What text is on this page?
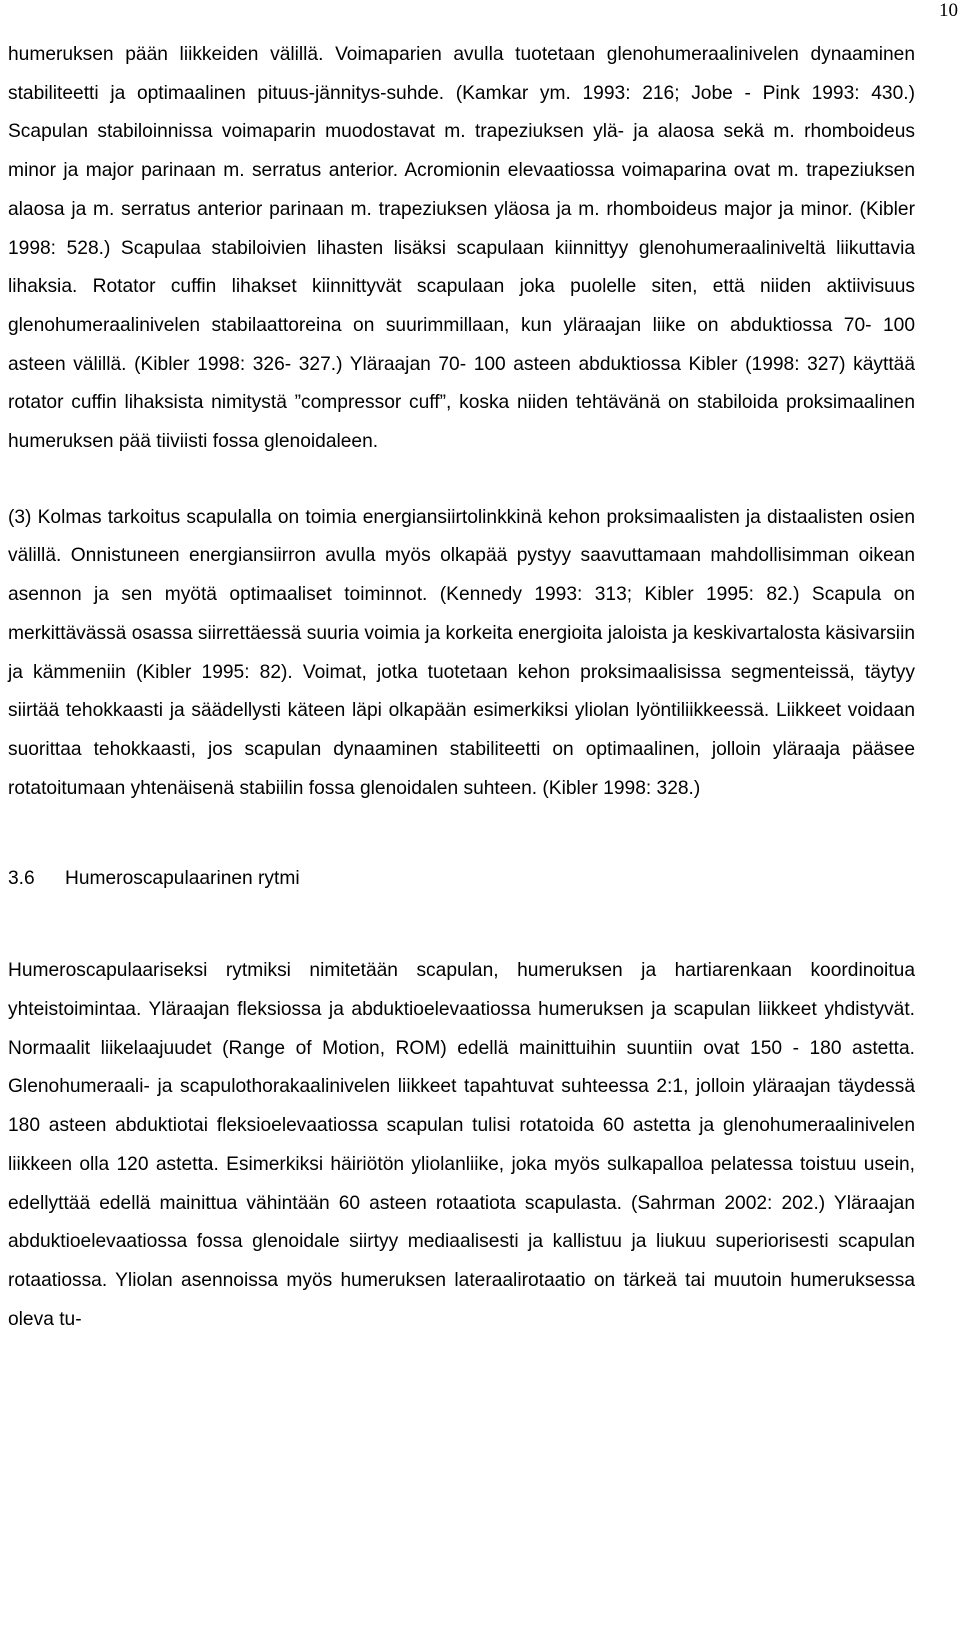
10

humeruksen pään liikkeiden välillä. Voimaparien avulla tuotetaan glenohumeraalinivelen dynaaminen stabiliteetti ja optimaalinen pituus-jännitys-suhde. (Kamkar ym. 1993: 216; Jobe - Pink 1993: 430.) Scapulan stabiloinnissa voimaparin muodostavat m. trapeziuksen ylä- ja alaosa sekä m. rhomboideus minor ja major parinaan m. serratus anterior. Acromionin elevaatiossa voimaparina ovat m. trapeziuksen alaosa ja m. serratus anterior parinaan m. trapeziuksen yläosa ja m. rhomboideus major ja minor. (Kibler 1998: 528.) Scapulaa stabiloivien lihasten lisäksi scapulaan kiinnittyy glenohumeraaliniveltä liikuttavia lihaksia. Rotator cuffin lihakset kiinnittyvät scapulaan joka puolelle siten, että niiden aktiivisuus glenohumeraalinivelen stabilaattoreina on suurimmillaan, kun yläraajan liike on abduktiossa 70- 100 asteen välillä. (Kibler 1998: 326- 327.) Yläraajan 70- 100 asteen abduktiossa Kibler (1998: 327) käyttää rotator cuffin lihaksista nimitystä ”compressor cuff”, koska niiden tehtävänä on stabiloida proksimaalinen humeruksen pää tiiviisti fossa glenoidaleen.

(3) Kolmas tarkoitus scapulalla on toimia energiansiirtolinkkinä kehon proksimaalisten ja distaalisten osien välillä. Onnistuneen energiansiirron avulla myös olkapää pystyy saavuttamaan mahdollisimman oikean asennon ja sen myötä optimaaliset toiminnot. (Kennedy 1993: 313; Kibler 1995: 82.) Scapula on merkittävässä osassa siirrettäessä suuria voimia ja korkeita energioita jaloista ja keskivartalosta käsivarsiin ja kämmeniin (Kibler 1995: 82). Voimat, jotka tuotetaan kehon proksimaalisissa segmenteissä, täytyy siirtää tehokkaasti ja säädellysti käteen läpi olkapään esimerkiksi yliolan lyöntiliikkeessä. Liikkeet voidaan suorittaa tehokkaasti, jos scapulan dynaaminen stabiliteetti on optimaalinen, jolloin yläraaja pääsee rotatoitumaan yhtenäisenä stabiilin fossa glenoidalen suhteen. (Kibler 1998: 328.)

3.6 Humeroscapulaarinen rytmi

Humeroscapulaariseksi rytmiksi nimitetään scapulan, humeruksen ja hartiarenkaan koordinoitua yhteistoimintaa. Yläraajan fleksiossa ja abduktioelevaatiossa humeruksen ja scapulan liikkeet yhdistyvät. Normaalit liikelaajuudet (Range of Motion, ROM) edellä mainittuihin suuntiin ovat 150 - 180 astetta. Glenohumeraali- ja scapulothorakaalinivelen liikkeet tapahtuvat suhteessa 2:1, jolloin yläraajan täydessä 180 asteen abduktiotai fleksioelevaatiossa scapulan tulisi rotatoida 60 astetta ja glenohumeraalinivelen liikkeen olla 120 astetta. Esimerkiksi häiriötön yliolanliike, joka myös sulkapalloa pelatessa toistuu usein, edellyttää edellä mainittua vähintään 60 asteen rotaatiota scapulasta. (Sahrman 2002: 202.) Yläraajan abduktioelevaatiossa fossa glenoidale siirtyy mediaalisesti ja kallistuu ja liukuu superiorisesti scapulan rotaatiossa. Yliolan asennoissa myös humeruksen lateraalirotaatio on tärkeä tai muutoin humeruksessa oleva tu-
